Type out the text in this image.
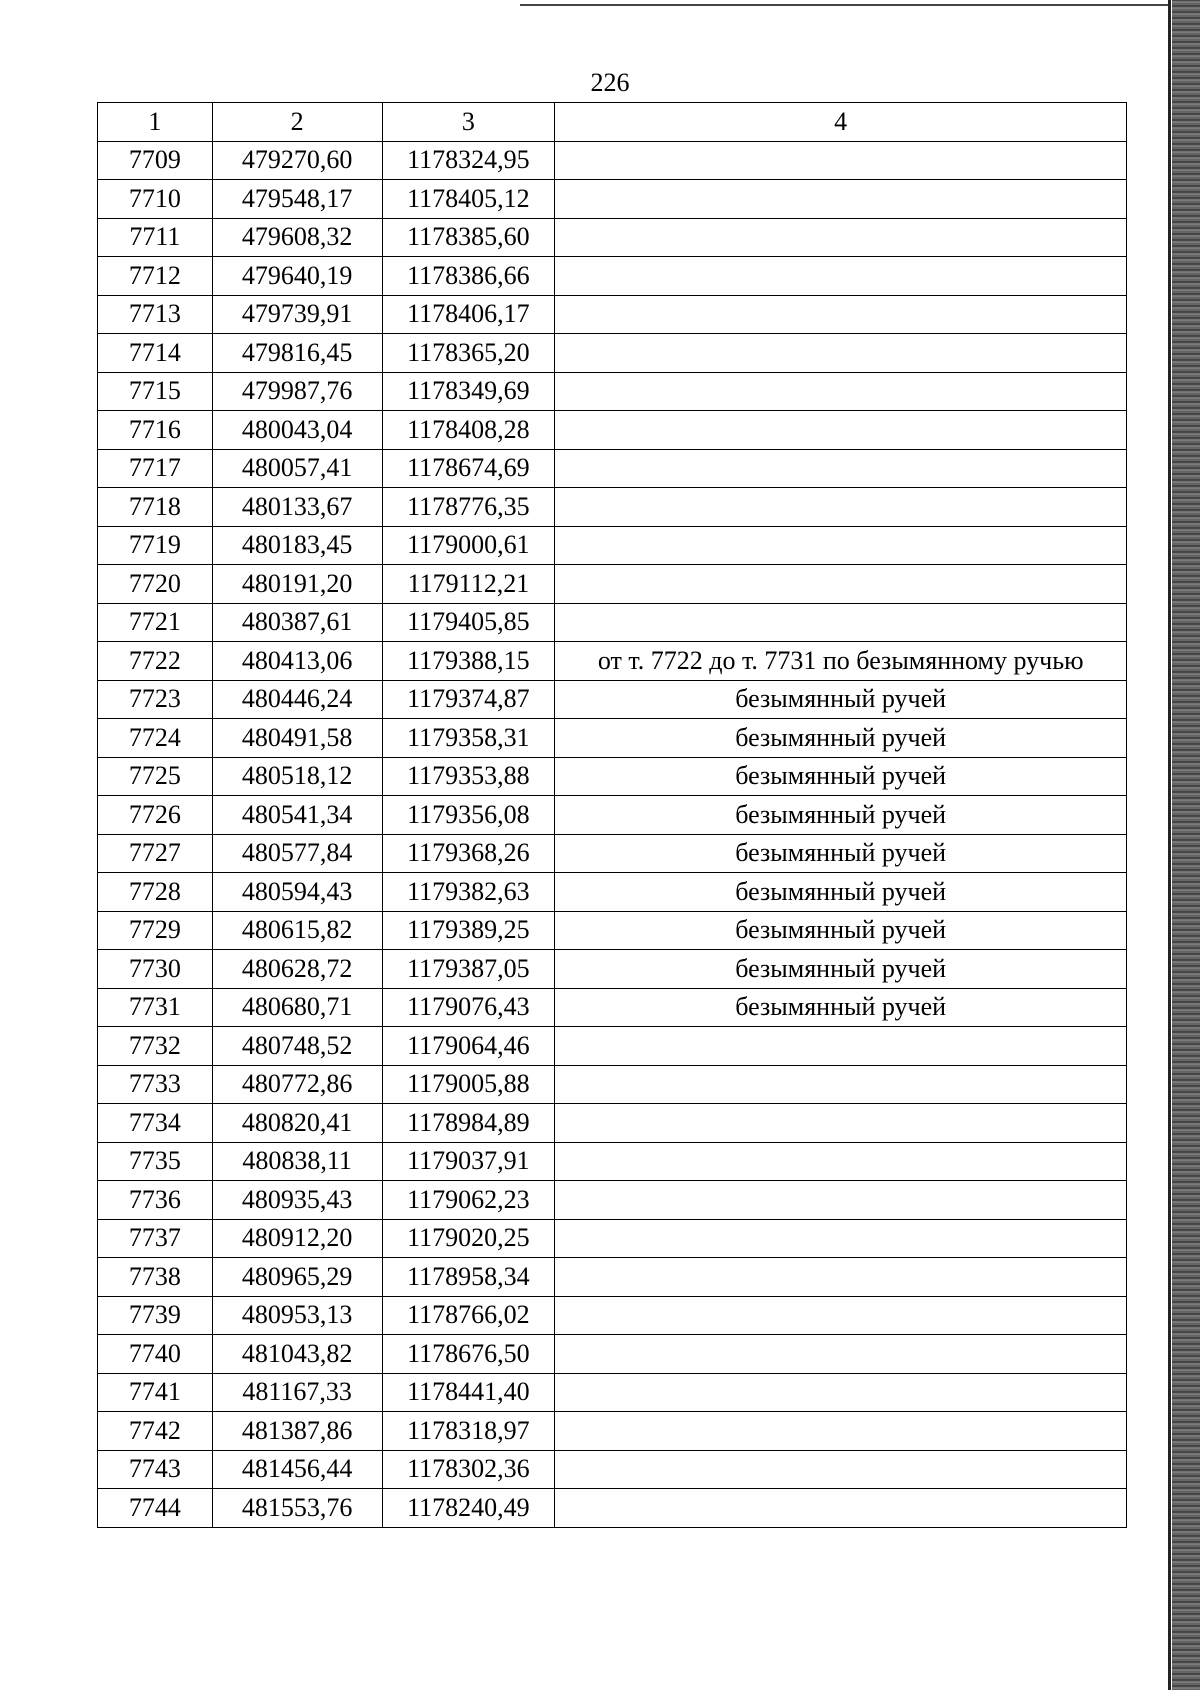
226
1	2	3	4
7709	479270,60	1178324,95	
7710	479548,17	1178405,12	
7711	479608,32	1178385,60	
7712	479640,19	1178386,66	
7713	479739,91	1178406,17	
7714	479816,45	1178365,20	
7715	479987,76	1178349,69	
7716	480043,04	1178408,28	
7717	480057,41	1178674,69	
7718	480133,67	1178776,35	
7719	480183,45	1179000,61	
7720	480191,20	1179112,21	
7721	480387,61	1179405,85	
7722	480413,06	1179388,15	от т. 7722 до т. 7731 по безымянному ручью
7723	480446,24	1179374,87	безымянный ручей
7724	480491,58	1179358,31	безымянный ручей
7725	480518,12	1179353,88	безымянный ручей
7726	480541,34	1179356,08	безымянный ручей
7727	480577,84	1179368,26	безымянный ручей
7728	480594,43	1179382,63	безымянный ручей
7729	480615,82	1179389,25	безымянный ручей
7730	480628,72	1179387,05	безымянный ручей
7731	480680,71	1179076,43	безымянный ручей
7732	480748,52	1179064,46	
7733	480772,86	1179005,88	
7734	480820,41	1178984,89	
7735	480838,11	1179037,91	
7736	480935,43	1179062,23	
7737	480912,20	1179020,25	
7738	480965,29	1178958,34	
7739	480953,13	1178766,02	
7740	481043,82	1178676,50	
7741	481167,33	1178441,40	
7742	481387,86	1178318,97	
7743	481456,44	1178302,36	
7744	481553,76	1178240,49	
